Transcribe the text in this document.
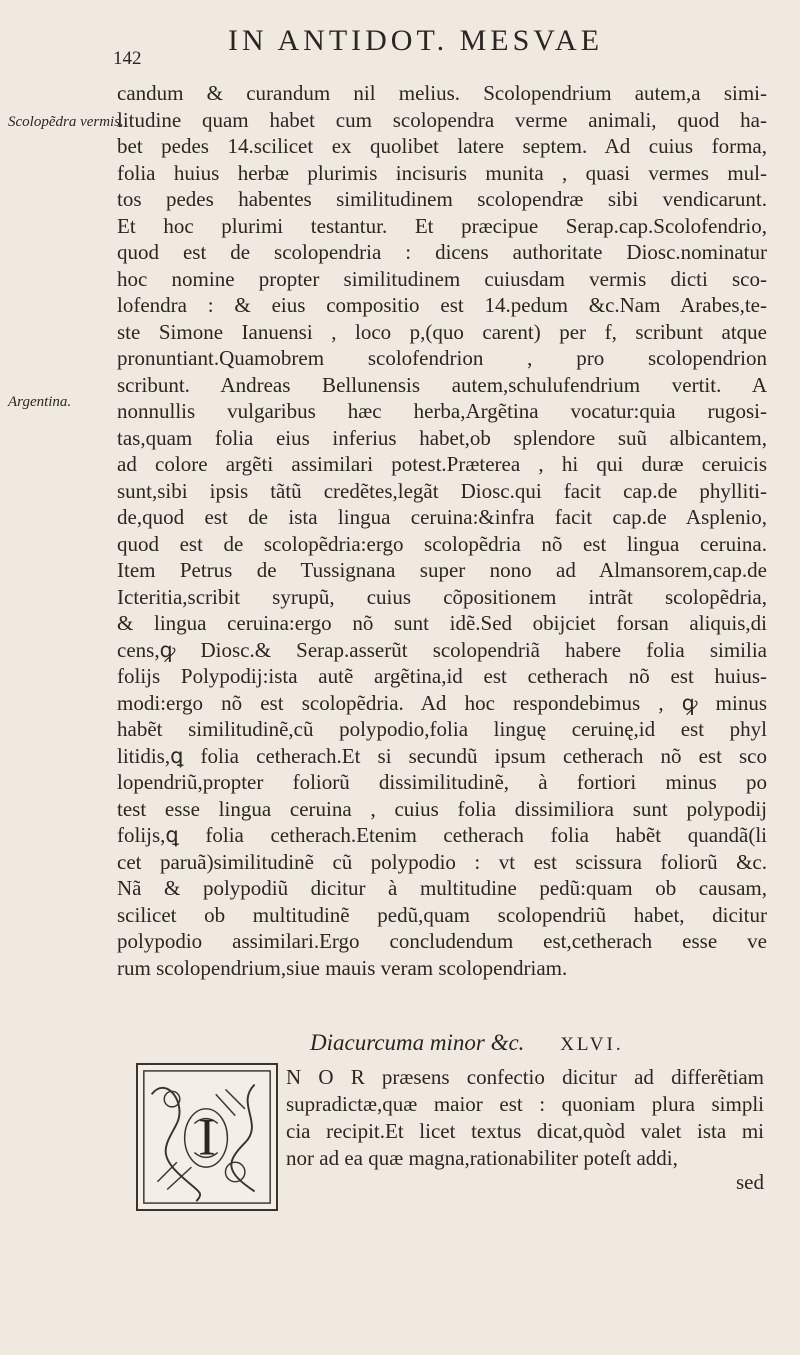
142
IN ANTIDOT. MESVAE
Scolopẽdra vermis.
Argentina.
candum & curandum nil melius. Scolopendrium autem,a simi-
litudine quam habet cum scolopendra verme animali, quod ha-
bet pedes 14.scilicet ex quolibet latere septem. Ad cuius forma,
folia huius herbæ plurimis incisuris munita , quasi vermes mul-
tos pedes habentes similitudinem scolopendræ sibi vendicarunt.
Et hoc plurimi testantur. Et præcipue Serap.cap.Scolofendrio,
quod est de scolopendria : dicens authoritate Diosc.nominatur
hoc nomine propter similitudinem cuiusdam vermis dicti sco-
lofendra : & eius compositio est 14.pedum &c.Nam Arabes,te-
ste Simone Ianuensi , loco p,(quo carent) per f, scribunt atque
pronuntiant.Quamobrem scolofendrion , pro scolopendrion
scribunt. Andreas Bellunensis autem,schulufendrium vertit. A
nonnullis vulgaribus hæc herba,Argẽtina vocatur:quia rugosi-
tas,quam folia eius inferius habet,ob splendore suũ albicantem,
ad colore argẽti assimilari potest.Præterea , hi qui duræ ceruicis
sunt,sibi ipsis tãtũ credẽtes,legãt Diosc.qui facit cap.de phylliti-
de,quod est de ista lingua ceruina:&infra facit cap.de Asplenio,
quod est de scolopẽdria:ergo scolopẽdria nõ est lingua ceruina.
Item Petrus de Tussignana super nono ad Almansorem,cap.de
Icteritia,scribit syrupũ, cuius cõpositionem intrãt scolopẽdria,
& lingua ceruina:ergo nõ sunt idẽ.Sed obijciet forsan aliquis,di
cens,ꝙ Diosc.& Serap.asserũt scolopendriã habere folia similia
folijs Polypodij:ista autẽ argẽtina,id est cetherach nõ est huius-
modi:ergo nõ est scolopẽdria. Ad hoc respondebimus , ꝙ minus
habẽt similitudinẽ,cũ polypodio,folia linguę ceruinę,id est phyl
litidis,ꝗ folia cetherach.Et si secundũ ipsum cetherach nõ est sco
lopendriũ,propter foliorũ dissimilitudinẽ, à fortiori minus po
test esse lingua ceruina , cuius folia dissimiliora sunt polypodij
folijs,ꝗ folia cetherach.Etenim cetherach folia habẽt quandã(li
cet paruã)similitudinẽ cũ polypodio : vt est scissura foliorũ &c.
Nã & polypodiũ dicitur à multitudine pedũ:quam ob causam,
scilicet ob multitudinẽ pedũ,quam scolopendriũ habet, dicitur
polypodio assimilari.Ergo concludendum est,cetherach esse ve
rum scolopendrium,siue mauis veram scolopendriam.
Diacurcuma minor &c. XLVI.
I
N O R præsens confectio dicitur ad differẽtiam
supradictæ,quæ maior est : quoniam plura simpli
cia recipit.Et licet textus dicat,quòd valet ista mi
nor ad ea quæ magna,rationabiliter poteſt addi,
sed
